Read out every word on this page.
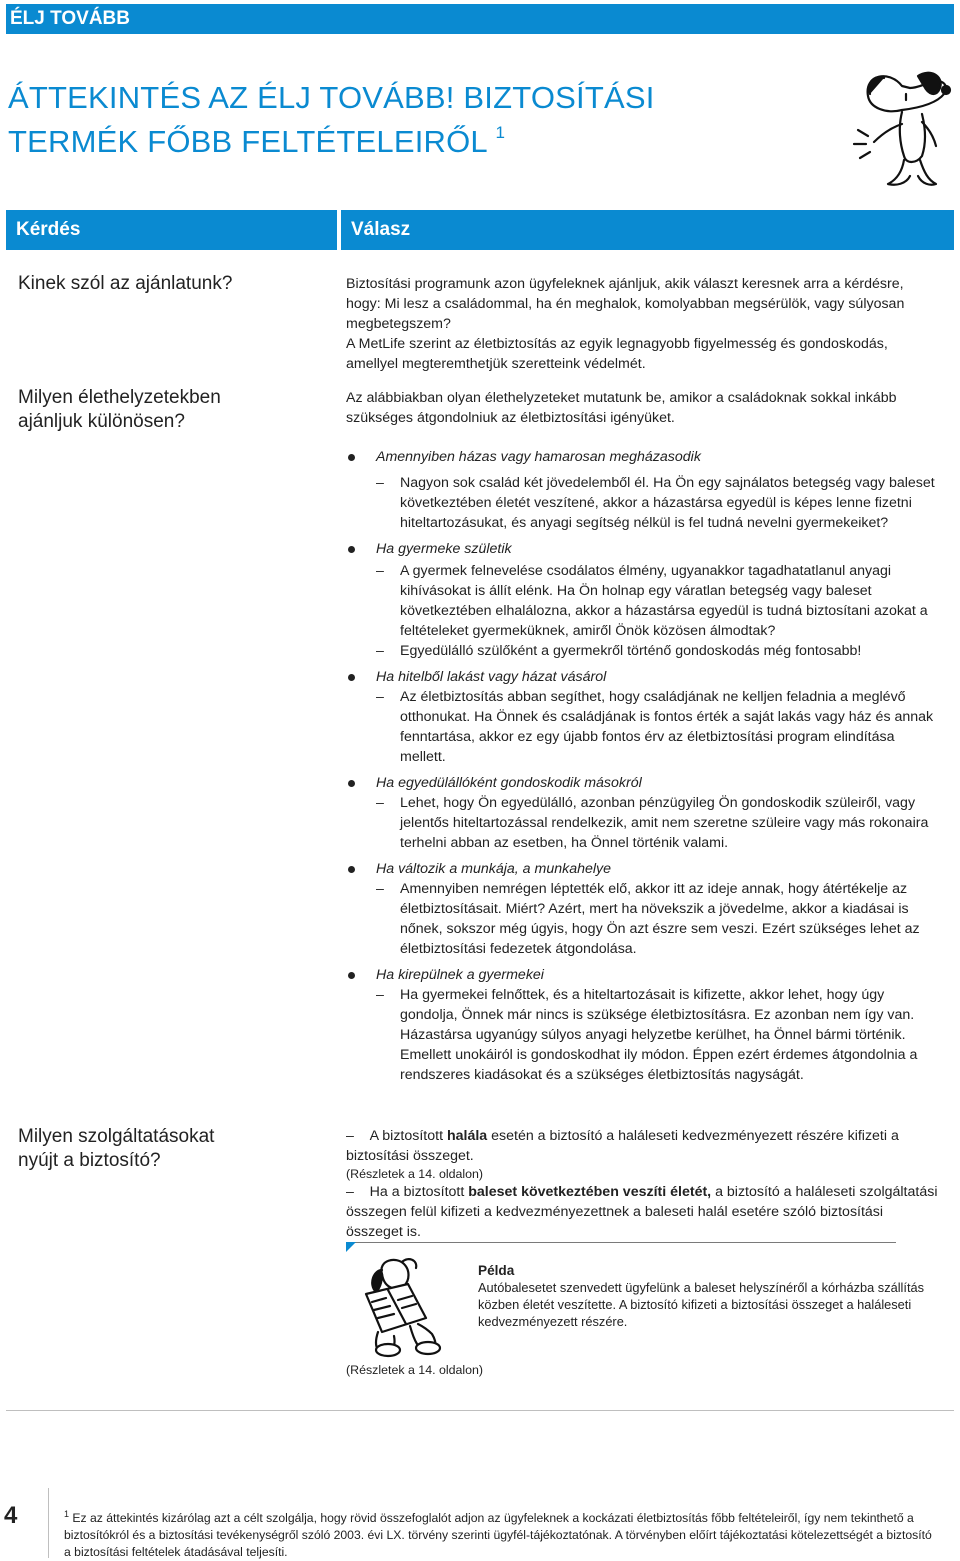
ÉLJ TOVÁBB
ÁTTEKINTÉS AZ ÉLJ TOVÁBB! BIZTOSÍTÁSI
TERMÉK FŐBB FELTÉTELEIRŐL $^1$
Kérdés	Válasz
Kinek szól az ajánlatunk?
Milyen élethelyzetekben
ajánljuk különösen?
Milyen szolgáltatásokat
nyújt a biztosító?

Biztosítási programunk azon ügyfeleknek ajánljuk, akik választ keresnek arra a kérdésre, hogy: Mi lesz a családommal, ha én meghalok, komolyabban megsérülök, vagy súlyosan megbetegszem?

A MetLife szerint az életbiztosítás az egyik legnagyobb figyelmesség és gondoskodás, amellyel megteremthetjük szeretteink védelmét.

Az alábbiakban olyan élethelyzeteket mutatunk be, amikor a családoknak sokkal inkább szükséges átgondolniuk az életbiztosítási igényüket.

Amennyiben házas vagy hamarosan megházasodik
– Nagyon sok család két jövedelemből él. Ha Ön egy sajnálatos betegség vagy baleset következtében életét veszítené, akkor a házastársa egyedül is képes lenne fizetni hiteltartozásukat, és anyagi segítség nélkül is fel tudná nevelni gyermekeiket?
Ha gyermeke születik
– A gyermek felnevelése csodálatos élmény, ugyanakkor tagadhatatlanul anyagi kihívásokat is állít elénk. Ha Ön holnap egy váratlan betegség vagy baleset következtében elhalálozna, akkor a házastársa egyedül is tudná biztosítani azokat a feltételeket gyermeküknek, amiről Önök közösen álmodtak?
– Egyedülálló szülőként a gyermekről történő gondoskodás még fontosabb!
Ha hitelből lakást vagy házat vásárol
– Az életbiztosítás abban segíthet, hogy családjának ne kelljen feladnia a meglévő otthonukat. Ha Önnek és családjának is fontos érték a saját lakás vagy ház és annak fenntartása, akkor ez egy újabb fontos érv az életbiztosítási program elindítása mellett.
Ha egyedülállóként gondoskodik másokról
– Lehet, hogy Ön egyedülálló, azonban pénzügyileg Ön gondoskodik szüleiről, vagy jelentős hiteltartozással rendelkezik, amit nem szeretne szüleire vagy más rokonaira terhelni abban az esetben, ha Önnel történik valami.
Ha változik a munkája, a munkahelye
– Amennyiben nemrégen léptették elő, akkor itt az ideje annak, hogy átértékelje az életbiztosításait. Miért? Azért, mert ha növekszik a jövedelme, akkor a kiadásai is nőnek, sokszor még úgyis, hogy Ön azt észre sem veszi. Ezért szükséges lehet az életbiztosítási fedezetek átgondolása.
Ha kirepülnek a gyermekei
– Ha gyermekei felnőttek, és a hiteltartozásait is kifizette, akkor lehet, hogy úgy gondolja, Önnek már nincs is szüksége életbiztosításra. Ez azonban nem így van. Házastársa ugyanúgy súlyos anyagi helyzetbe kerülhet, ha Önnel bármi történik. Emellett unokáiról is gondoskodhat ily módon. Éppen ezért érdemes átgondolnia a rendszeres kiadásokat és a szükséges életbiztosítás nagyságát.

– A biztosított halála esetén a biztosító a haláleseti kedvezményezett részére kifizeti a biztosítási összeget.

(Részletek a 14. oldalon)

– Ha a biztosított baleset következtében veszíti életét, a biztosító a haláleseti szolgáltatási összegen felül kifizeti a kedvezményezettnek a baleseti halál esetére szóló biztosítási összeget is.

Példa
Autóbalesetet szenvedett ügyfelünk a baleset helyszínéről a kórházba szállítás közben életét veszítette. A biztosító kifizeti a biztosítási összeget a haláleseti kedvezményezett részére.
(Részletek a 14. oldalon)
4	$^1$ Ez az áttekintés kizárólag azt a célt szolgálja, hogy rövid összefoglalót adjon az ügyfeleknek a kockázati életbiztosítás főbb feltételeiről, így nem tekinthető a biztosítókról és a biztosítási tevékenységről szóló 2003. évi LX. törvény szerinti ügyfél-tájékoztatónak. A törvényben előírt tájékoztatási kötelezettségét a biztosító a biztosítási feltételek átadásával teljesíti.
